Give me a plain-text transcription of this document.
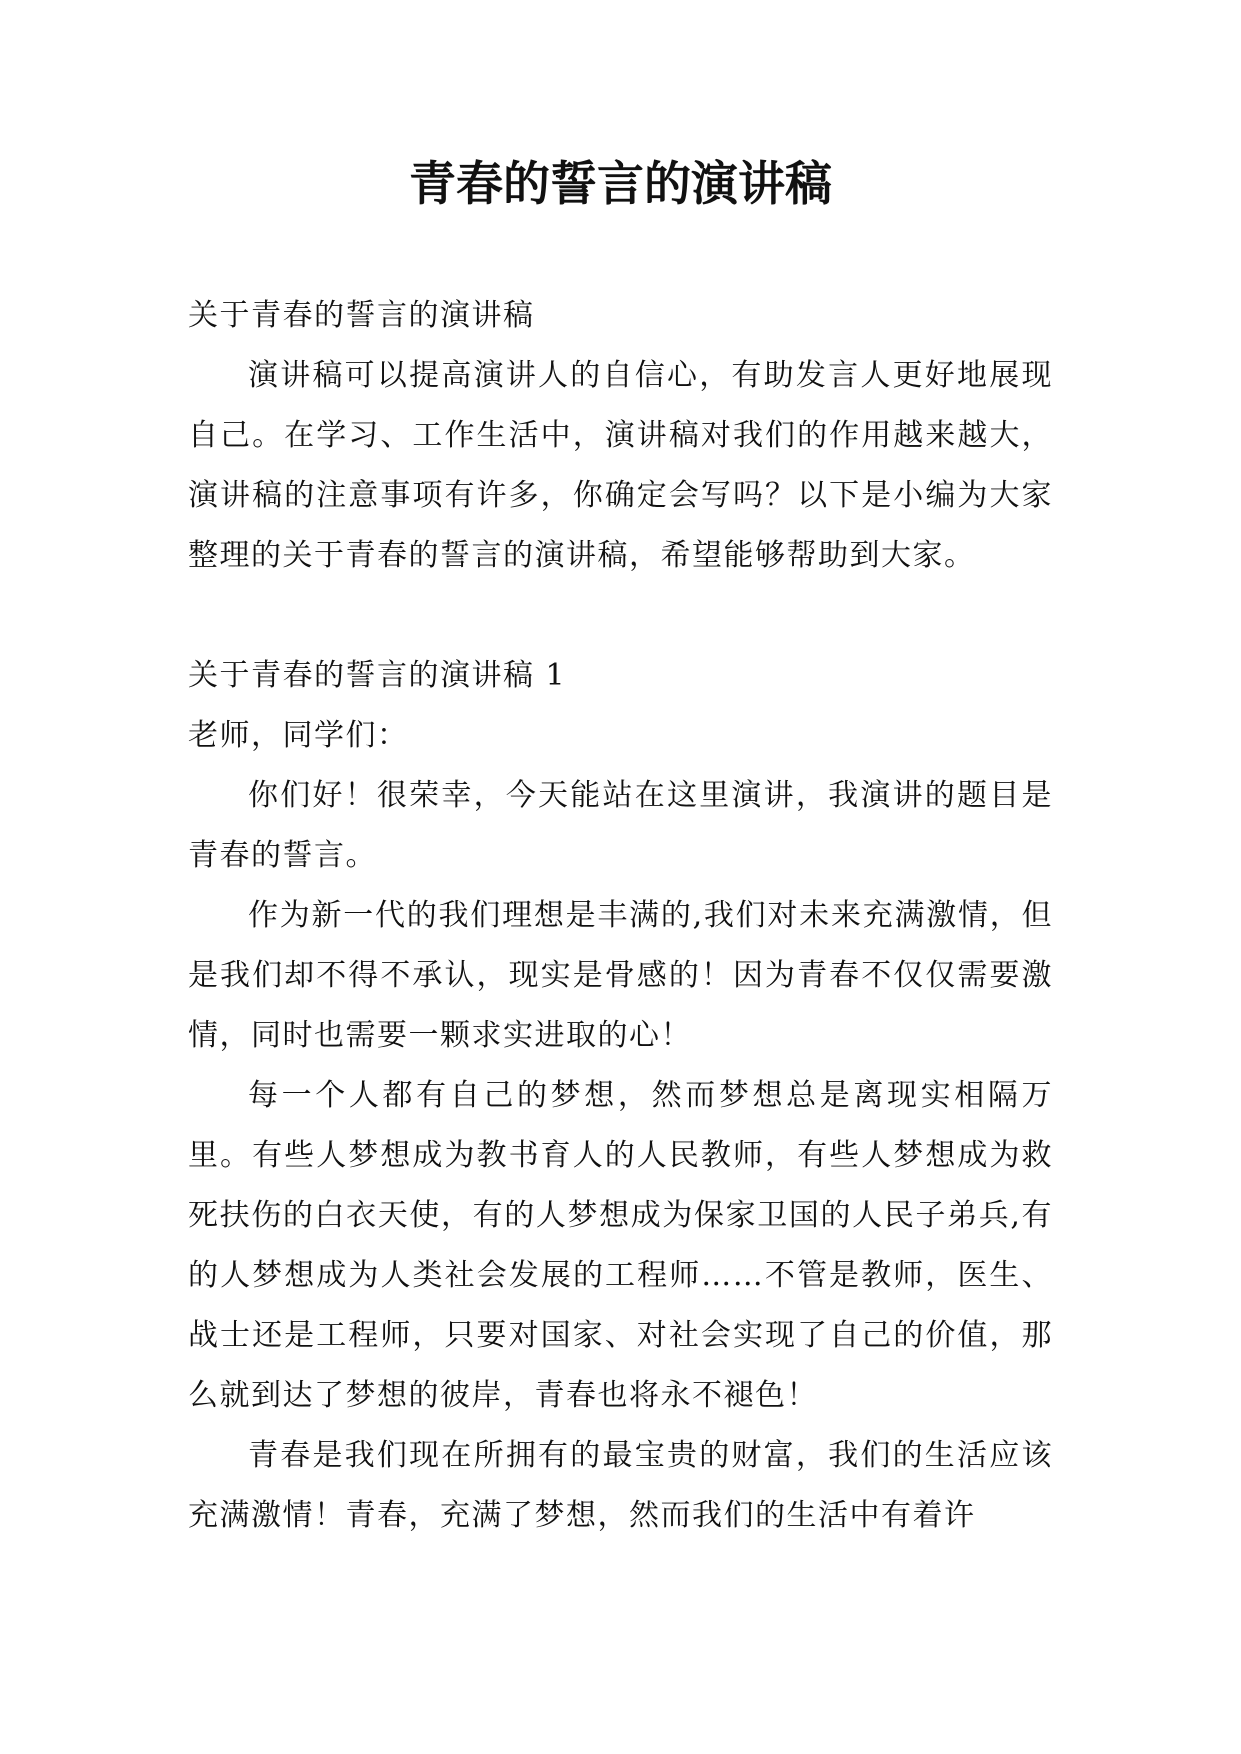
青春的誓言的演讲稿

关于青春的誓言的演讲稿

演讲稿可以提高演讲人的自信心，有助发言人更好地展现自己。在学习、工作生活中，演讲稿对我们的作用越来越大，演讲稿的注意事项有许多，你确定会写吗？以下是小编为大家整理的关于青春的誓言的演讲稿，希望能够帮助到大家。

关于青春的誓言的演讲稿 1

老师，同学们：

你们好！很荣幸，今天能站在这里演讲，我演讲的题目是青春的誓言。

作为新一代的我们理想是丰满的,我们对未来充满激情，但是我们却不得不承认，现实是骨感的！因为青春不仅仅需要激情，同时也需要一颗求实进取的心！

每一个人都有自己的梦想，然而梦想总是离现实相隔万里。有些人梦想成为教书育人的人民教师，有些人梦想成为救死扶伤的白衣天使，有的人梦想成为保家卫国的人民子弟兵,有的人梦想成为人类社会发展的工程师……不管是教师，医生、战士还是工程师，只要对国家、对社会实现了自己的价值，那么就到达了梦想的彼岸，青春也将永不褪色！

青春是我们现在所拥有的最宝贵的财富，我们的生活应该充满激情！青春，充满了梦想，然而我们的生活中有着许
